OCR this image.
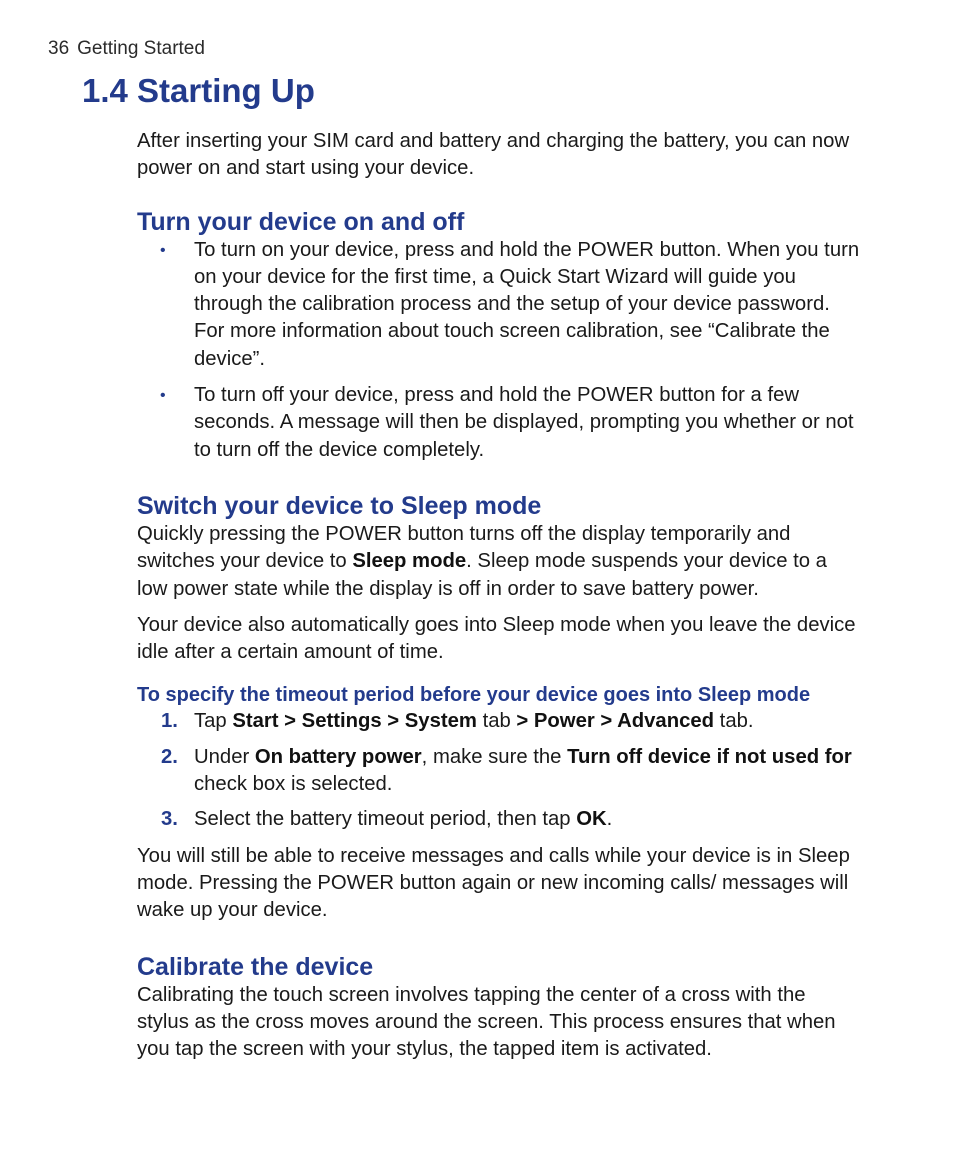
36 Getting Started
1.4 Starting Up

After inserting your SIM card and battery and charging the battery, you can now power on and start using your device.

Turn your device on and off
• To turn on your device, press and hold the POWER button. When you turn on your device for the first time, a Quick Start Wizard will guide you through the calibration process and the setup of your device password. For more information about touch screen calibration, see “Calibrate the device”.
• To turn off your device, press and hold the POWER button for a few seconds. A message will then be displayed, prompting you whether or not to turn off the device completely.
Switch your device to Sleep mode

Quickly pressing the POWER button turns off the display temporarily and switches your device to Sleep mode. Sleep mode suspends your device to a low power state while the display is off in order to save battery power.

Your device also automatically goes into Sleep mode when you leave the device idle after a certain amount of time.

To specify the timeout period before your device goes into Sleep mode
1. Tap Start > Settings > System tab > Power > Advanced tab.
2. Under On battery power, make sure the Turn off device if not used for check box is selected.
3. Select the battery timeout period, then tap OK.

You will still be able to receive messages and calls while your device is in Sleep mode. Pressing the POWER button again or new incoming calls/ messages will wake up your device.

Calibrate the device

Calibrating the touch screen involves tapping the center of a cross with the stylus as the cross moves around the screen. This process ensures that when you tap the screen with your stylus, the tapped item is activated.
